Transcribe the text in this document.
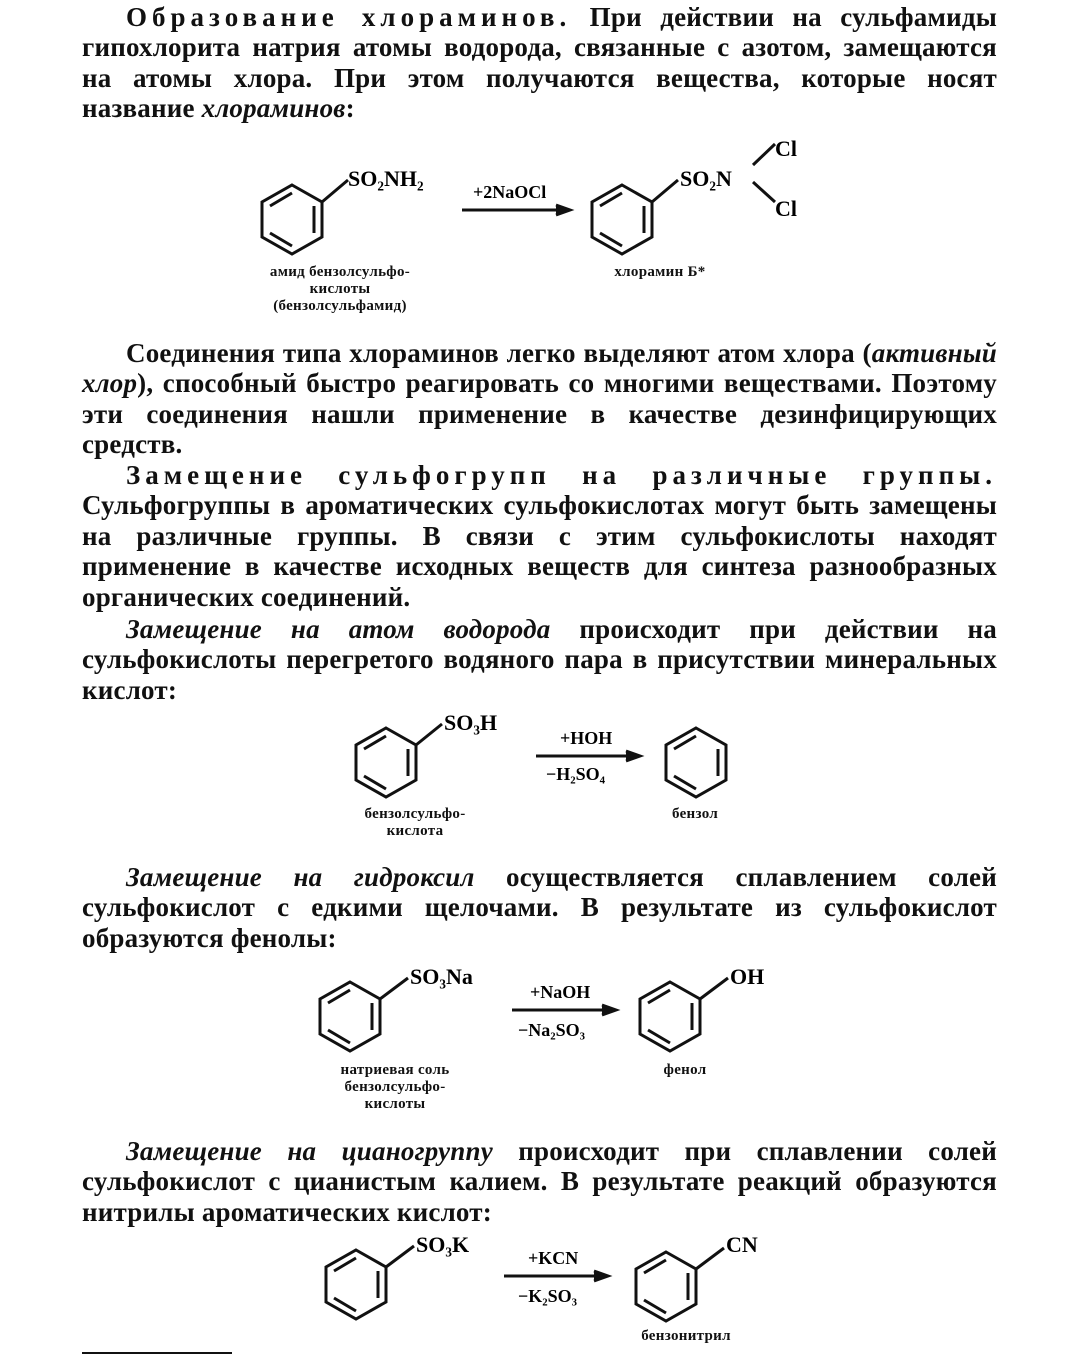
Образование хлораминов. При действии на сульфамиды гипохлорита натрия атомы водорода, связанные с азотом, замещаются на атомы хлора. При этом получаются вещества, которые носят название хлораминов:

SO₂NH₂
+2NaOCl
SO₂N
Cl
Cl
амид бензолсульфо-
кислоты
(бензолсульфамид)
хлорамин Б*

Соединения типа хлораминов легко выделяют атом хлора (активный хлор), способный быстро реагировать со многими веществами. Поэтому эти соединения нашли применение в качестве дезинфицирующих средств.

Замещение сульфогрупп на различные группы. Сульфогруппы в ароматических сульфокислотах могут быть замещены на различные группы. В связи с этим сульфокислоты находят применение в качестве исходных веществ для синтеза разнообразных органических соединений.

Замещение на атом водорода происходит при действии на сульфокислоты перегретого водяного пара в присутствии минеральных кислот:

SO₃H
+HOH
−H₂SO₄
бензолсульфо-
кислота
бензол

Замещение на гидроксил осуществляется сплавлением солей сульфокислот с едкими щелочами. В результате из сульфокислот образуются фенолы:

SO₃Na
+NaOH
−Na₂SO₃
OH
натриевая соль
бензолсульфо-
кислоты
фенол

Замещение на цианогруппу происходит при сплавлении солей сульфокислот с цианистым калием. В результате реакций образуются нитрилы ароматических кислот:

SO₃K
+KCN
−K₂SO₃
CN
бензонитрил
